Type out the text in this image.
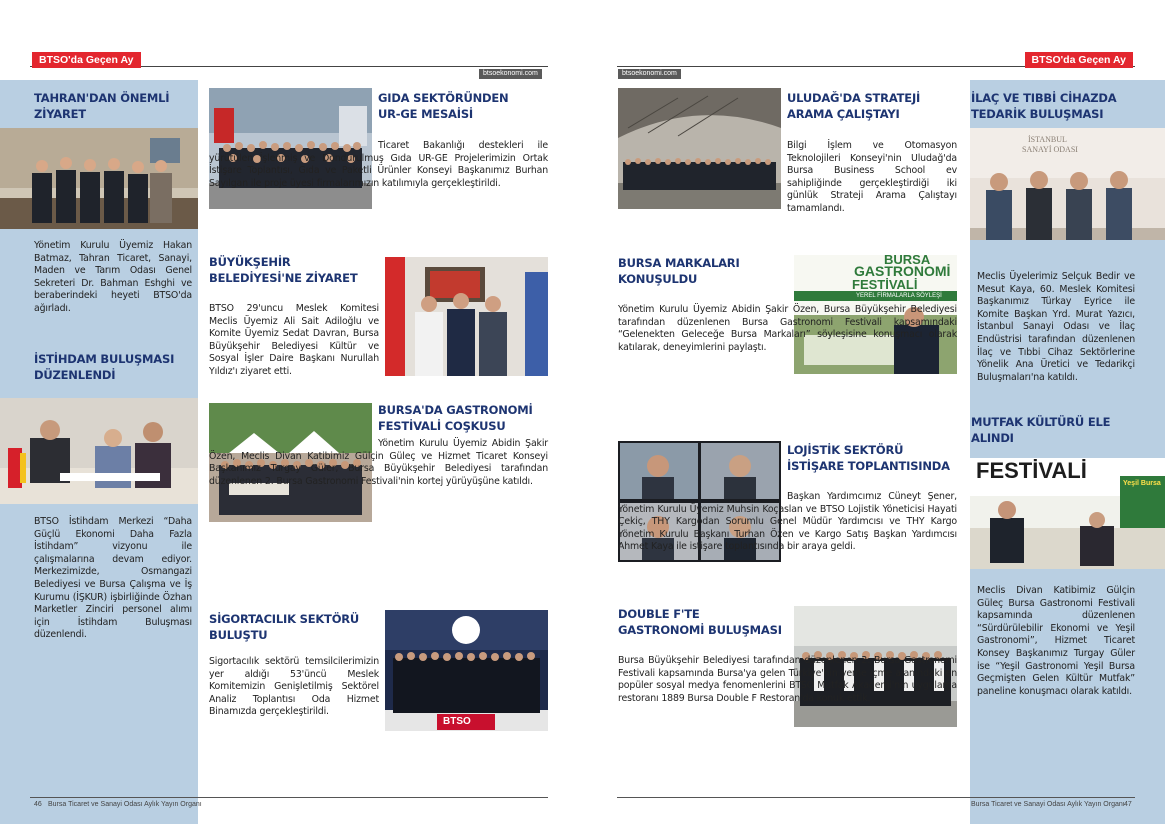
BTSO'da Geçen Ay	BTSO'da Geçen Ay
btsoekonomi.com	btsoekonomi.com
46 Bursa Ticaret ve Sanayi Odası Aylık Yayın Organı	Bursa Ticaret ve Sanayi Odası Aylık Yayın Organı 47
TAHRAN'DAN ÖNEMLİ ZİYARET

Yönetim Kurulu Üyemiz Hakan Batmaz, Tahran Ticaret, Sanayi, Maden ve Tarım Odası Genel Sekreteri Dr. Bahman Eshghi ve beraberindeki heyeti BTSO'da ağırladı.

İSTİHDAM BULUŞMASI DÜZENLENDİ

BTSO İstihdam Merkezi “Daha Güçlü Ekonomi Daha Fazla İstihdam” vizyonu ile çalışmalarına devam ediyor. Merkezimizde, Osmangazi Belediyesi ve Bursa Çalışma ve İş Kurumu (İŞKUR) işbirliğinde Özhan Marketler Zinciri personel alımı için İstihdam Buluşması düzenlendi.

GIDA SEKTÖRÜNDEN UR-GE MESAİSİ

Ticaret Bakanlığı destekleri ile yürütülen İşlenmiş ve Dondurulmuş Gıda UR-GE Projelerimizin Ortak İstişare Toplantısı, Gıda ve Paketli Ürünler Konseyi Başkanımız Burhan Sayılgan ile proje üyesi firmalarımızın katılımıyla gerçekleştirildi.

BÜYÜKŞEHİR BELEDİYESİ'NE ZİYARET

BTSO 29'uncu Meslek Komitesi Meclis Üyemiz Ali Sait Adiloğlu ve Komite Üyemiz Sedat Davran, Bursa Büyükşehir Belediyesi Kültür ve Sosyal İşler Daire Başkanı Nurullah Yıldız'ı ziyaret etti.

BURSA'DA GASTRONOMİ FESTİVALİ COŞKUSU

Yönetim Kurulu Üyemiz Abidin Şakir Özen, Meclis Divan Katibimiz Gülçin Güleç ve Hizmet Ticaret Konseyi Başkanımız Turgay Güler, Bursa Büyükşehir Belediyesi tarafından düzenlenen 2. Bursa Gastronomi Festivali'nin kortej yürüyüşüne katıldı.

SİGORTACILIK SEKTÖRÜ BULUŞTU
BTSO

Sigortacılık sektörü temsilcilerimizin yer aldığı 53'üncü Meslek Komitemizin Genişletilmiş Sektörel Analiz Toplantısı Oda Hizmet Binamızda gerçekleştirildi.

ULUDAĞ'DA STRATEJİ ARAMA ÇALIŞTAYI

Bilgi İşlem ve Otomasyon Teknolojileri Konseyi'nin Uludağ'da Bursa Business School ev sahipliğinde gerçekleştirdiği iki günlük Strateji Arama Çalıştayı tamamlandı.

BURSA MARKALARI KONUŞULDU
BURSA
GASTRONOMİ
FESTİVALİ
YEREL FİRMALARLA SÖYLEŞİ

Yönetim Kurulu Üyemiz Abidin Şakir Özen, Bursa Büyükşehir Belediyesi tarafından düzenlenen Bursa Gastronomi Festivali kapsamındaki “Gelenekten Geleceğe Bursa Markaları” söyleşisine konuşmacı olarak katılarak, deneyimlerini paylaştı.

LOJİSTİK SEKTÖRÜ İSTİŞARE TOPLANTISINDA

Başkan Yardımcımız Cüneyt Şener, Yönetim Kurulu Üyemiz Muhsin Koçaslan ve BTSO Lojistik Yöneticisi Hayati Çekiç, THY Kargodan Sorumlu Genel Müdür Yardımcısı ve THY Kargo Yönetim Kurulu Başkanı Turhan Özen ve Kargo Satış Başkan Yardımcısı Ahmet Kaya ile istişare toplantısında bir araya geldi.

DOUBLE F'TE GASTRONOMİ BULUŞMASI

Bursa Büyükşehir Belediyesi tarafından düzenlenen 2. Bursa Gastronomi Festivali kapsamında Bursa'ya gelen Türkiye'nin yeme içme alanındaki en popüler sosyal medya fenomenlerini BTSO Mutfak Akademi'nin uygulama restoranı 1889 Bursa Double F Restoran'da konuk ettik.

İLAÇ VE TIBBİ CİHAZDA TEDARİK BULUŞMASI
İSTANBUL
SANAYİ ODASI

Meclis Üyelerimiz Selçuk Bedir ve Mesut Kaya, 60. Meslek Komitesi Başkanımız Türkay Eyrice ile Komite Başkan Yrd. Murat Yazıcı, İstanbul Sanayi Odası ve İlaç Endüstrisi tarafından düzenlenen İlaç ve Tıbbi Cihaz Sektörlerine Yönelik Ana Üretici ve Tedarikçi Buluşmaları'na katıldı.

MUTFAK KÜLTÜRÜ ELE ALINDI
FESTİVALİ
Yeşil Bursa

Meclis Divan Katibimiz Gülçin Güleç Bursa Gastronomi Festivali kapsamında düzenlenen “Sürdürülebilir Ekonomi ve Yeşil Gastronomi”, Hizmet Ticaret Konsey Başkanımız Turgay Güler ise “Yeşil Gastronomi Yeşil Bursa Geçmişten Gelen Kültür Mutfak” paneline konuşmacı olarak katıldı.
